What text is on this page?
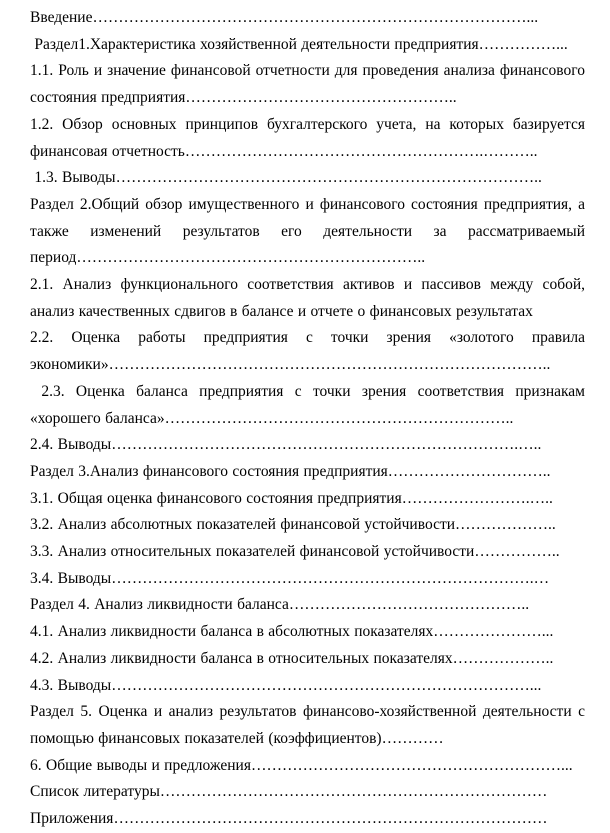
Введение…………………………………………………………………………...

Раздел1.Характеристика хозяйственной деятельности предприятия……………...

1.1. Роль и значение финансовой отчетности для проведения анализа финансового состояния предприятия……………………………………………..

1.2. Обзор основных принципов бухгалтерского учета, на которых базируется финансовая отчетность………………………………………………….………..

1.3. Выводы………………………………………………………………………..

Раздел 2.Общий обзор имущественного и финансового состояния предприятия, а также изменений результатов его деятельности за рассматриваемый период…………………………………………………………..

2.1. Анализ функционального соответствия активов и пассивов между собой, анализ качественных сдвигов в балансе и отчете о финансовых результатах

2.2. Оценка работы предприятия с точки зрения «золотого правила экономики»…………………………………………………………………………..

2.3. Оценка баланса предприятия с точки зрения соответствия признакам «хорошего баланса»…………………………………………………………..

2.4. Выводы…………………………………………………………………….…..

Раздел 3.Анализ финансового состояния предприятия…………………………..

3.1. Общая оценка финансового состояния предприятия…………………….…..

3.2. Анализ абсолютных показателей финансовой устойчивости………………..

3.3. Анализ относительных показателей финансовой устойчивости……………..

3.4. Выводы……………………………………………………………………….…

Раздел 4. Анализ ликвидности баланса………………………………………..

4.1. Анализ ликвидности баланса в абсолютных показателях…………………...

4.2. Анализ ликвидности баланса в относительных показателях………………..

4.3. Выводы………………………………………………………………………...

Раздел 5. Оценка и анализ результатов финансово-хозяйственной деятельности с помощью финансовых показателей (коэффициентов)…………

6. Общие выводы и предложения……………………………………………………...

Список литературы…………………………………………………………………

Приложения…………………………………………………………………………
